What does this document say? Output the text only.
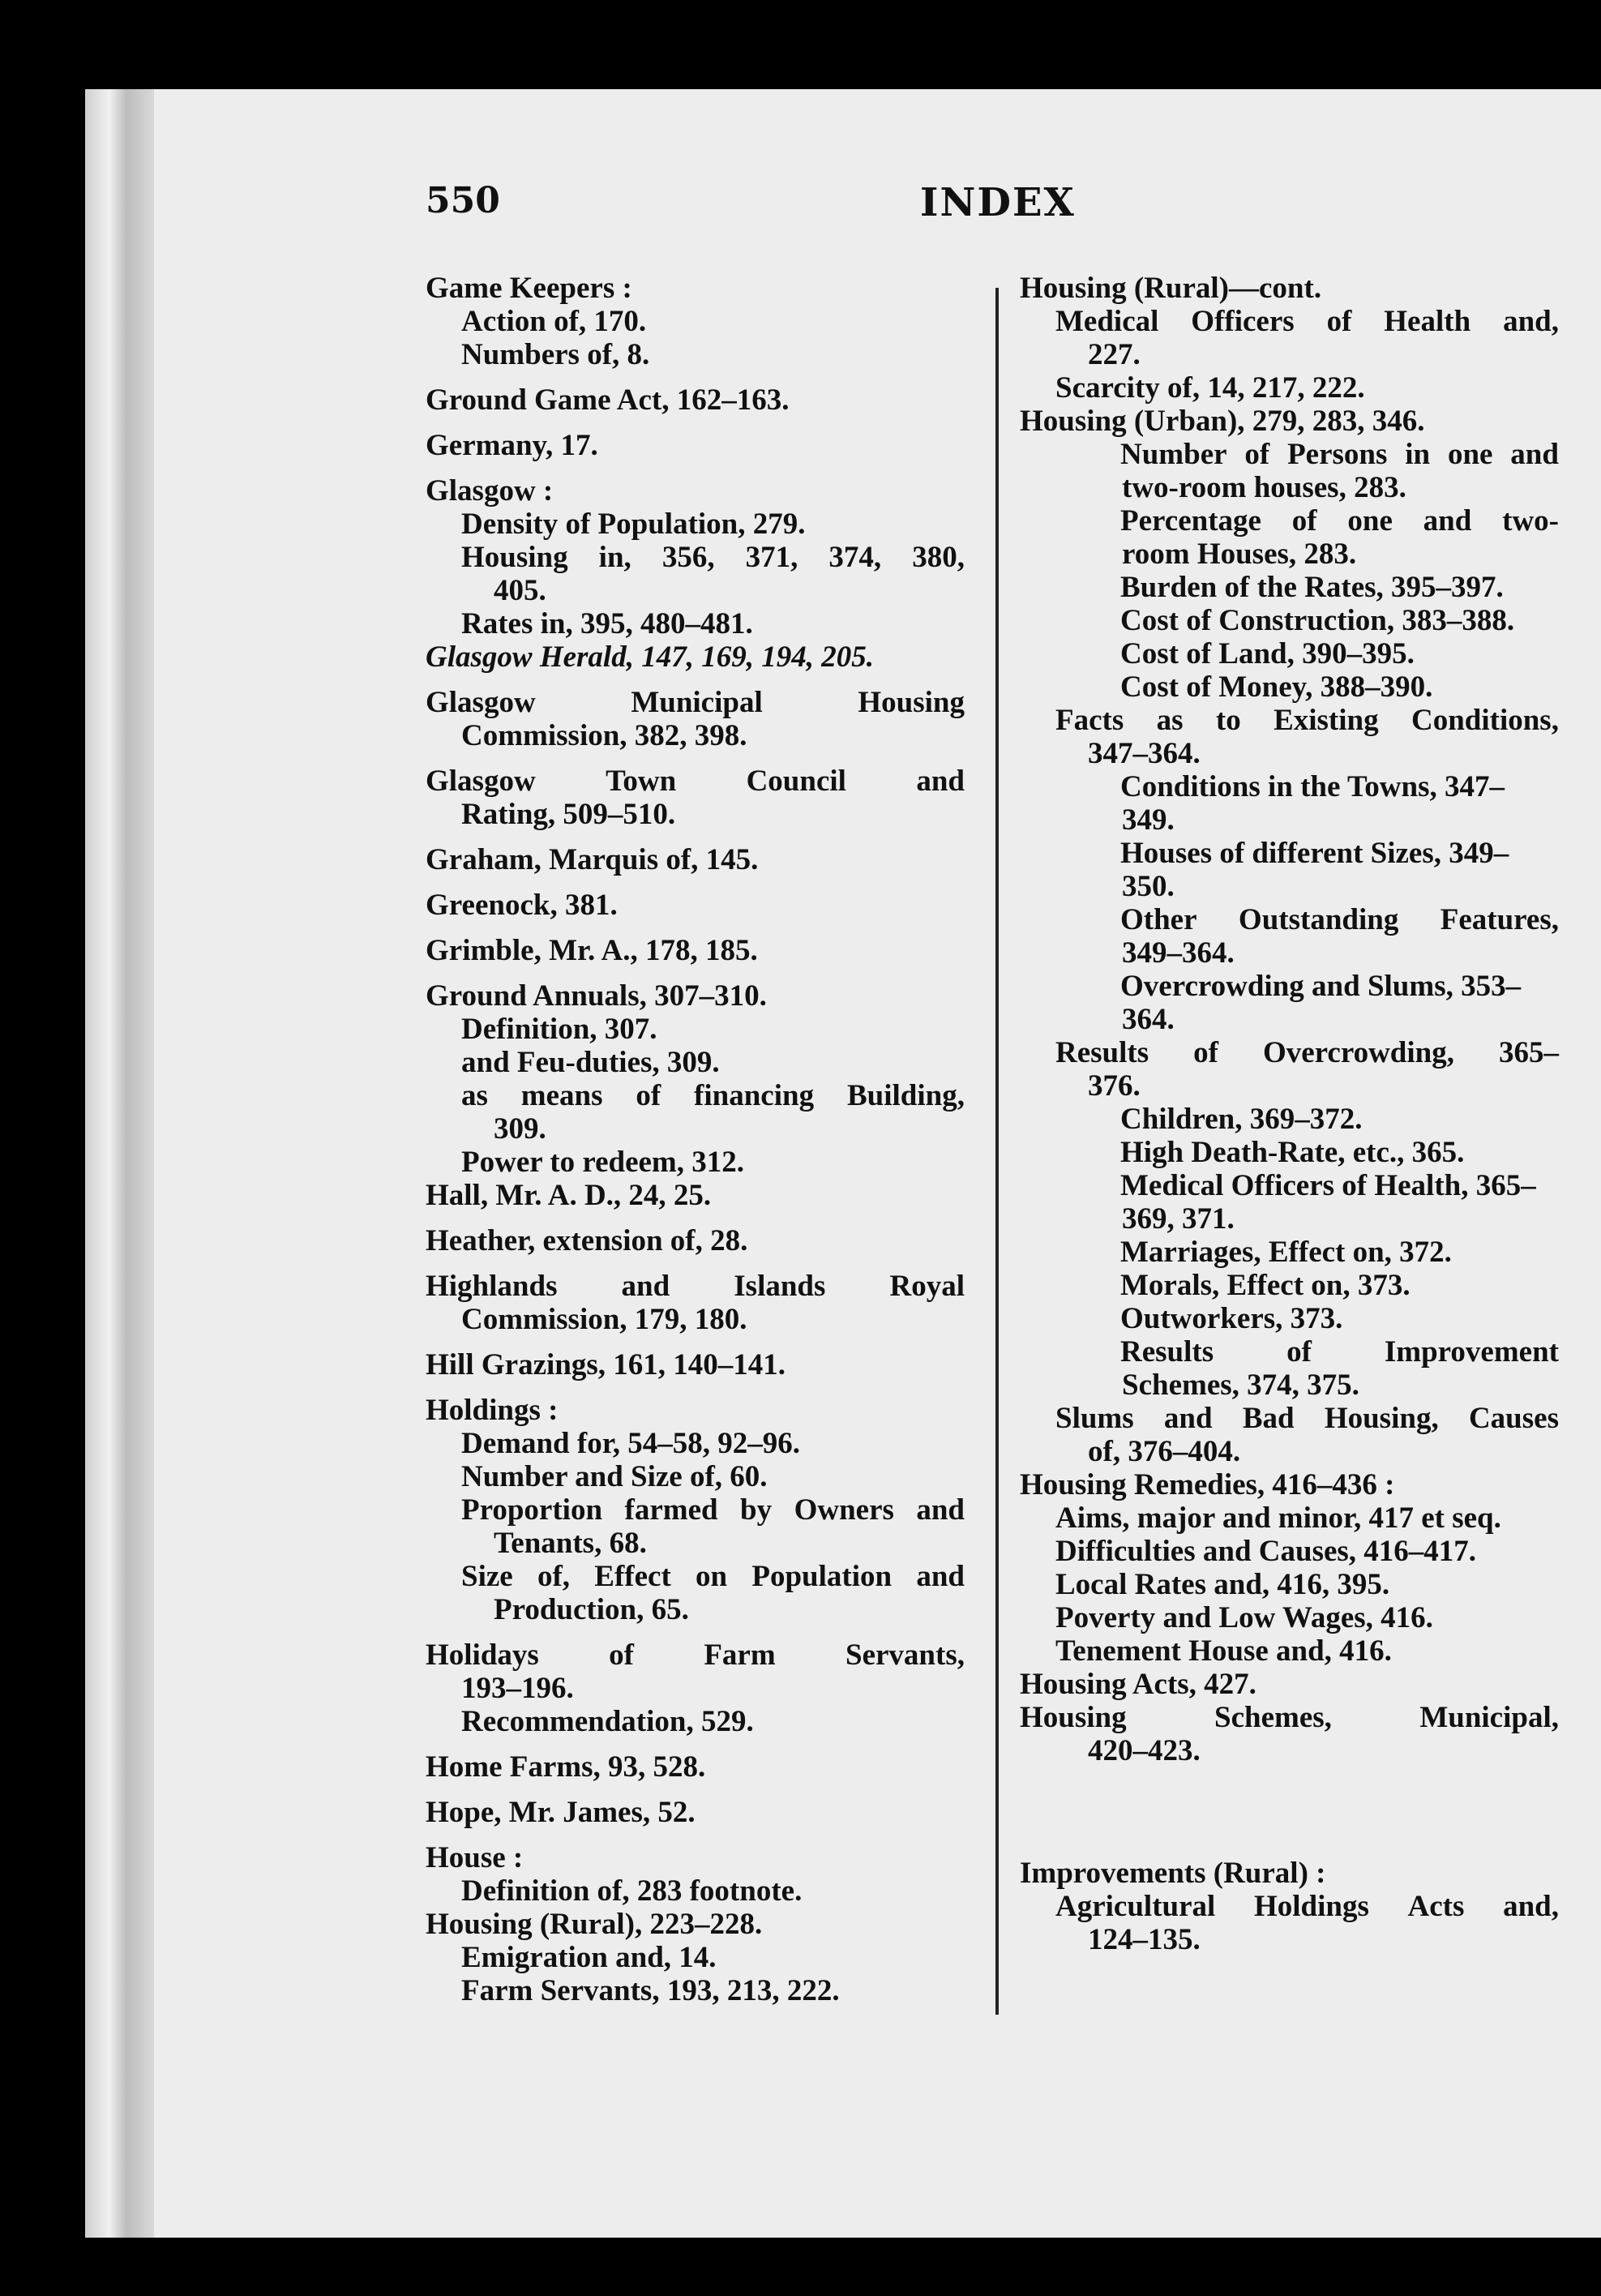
550	INDEX
Game Keepers :
Action of, 170.
Numbers of, 8.
Ground Game Act, 162–163.
Germany, 17.
Glasgow :
Density of Population, 279.
Housing in, 356, 371, 374, 380,
405.
Rates in, 395, 480–481.
Glasgow Herald, 147, 169, 194, 205.
Glasgow	Municipal	Housing
Commission, 382, 398.
Glasgow Town Council and
Rating, 509–510.
Graham, Marquis of, 145.
Greenock, 381.
Grimble, Mr. A., 178, 185.
Ground Annuals, 307–310.
Definition, 307.
and Feu-duties, 309.
as means of financing Building,
309.
Power to redeem, 312.
Hall, Mr. A. D., 24, 25.
Heather, extension of, 28.
Highlands and Islands Royal
Commission, 179, 180.
Hill Grazings, 161, 140–141.
Holdings :
Demand for, 54–58, 92–96.
Number and Size of, 60.
Proportion farmed by Owners and
Tenants, 68.
Size of, Effect on Population and
Production, 65.
Holidays of Farm Servants,
193–196.
Recommendation, 529.
Home Farms, 93, 528.
Hope, Mr. James, 52.
House :
Definition of, 283 footnote.
Housing (Rural), 223–228.
Emigration and, 14.
Farm Servants, 193, 213, 222.
Housing (Rural)—cont.
Medical Officers of Health and,
227.
Scarcity of, 14, 217, 222.
Housing (Urban), 279, 283, 346.
Number of Persons in one and
two-room houses, 283.
Percentage of one and two-
room Houses, 283.
Burden of the Rates, 395–397.
Cost of Construction, 383–388.
Cost of Land, 390–395.
Cost of Money, 388–390.
Facts as to Existing Conditions,
347–364.
Conditions in the Towns, 347–
349.
Houses of different Sizes, 349–
350.
Other Outstanding Features,
349–364.
Overcrowding and Slums, 353–
364.
Results of Overcrowding, 365–
376.
Children, 369–372.
High Death-Rate, etc., 365.
Medical Officers of Health, 365–
369, 371.
Marriages, Effect on, 372.
Morals, Effect on, 373.
Outworkers, 373.
Results of Improvement
Schemes, 374, 375.
Slums and Bad Housing, Causes
of, 376–404.
Housing Remedies, 416–436 :
Aims, major and minor, 417 et seq.
Difficulties and Causes, 416–417.
Local Rates and, 416, 395.
Poverty and Low Wages, 416.
Tenement House and, 416.
Housing Acts, 427.
Housing	Schemes,	Municipal,
420–423.
Improvements (Rural) :
Agricultural Holdings Acts and,
124–135.
